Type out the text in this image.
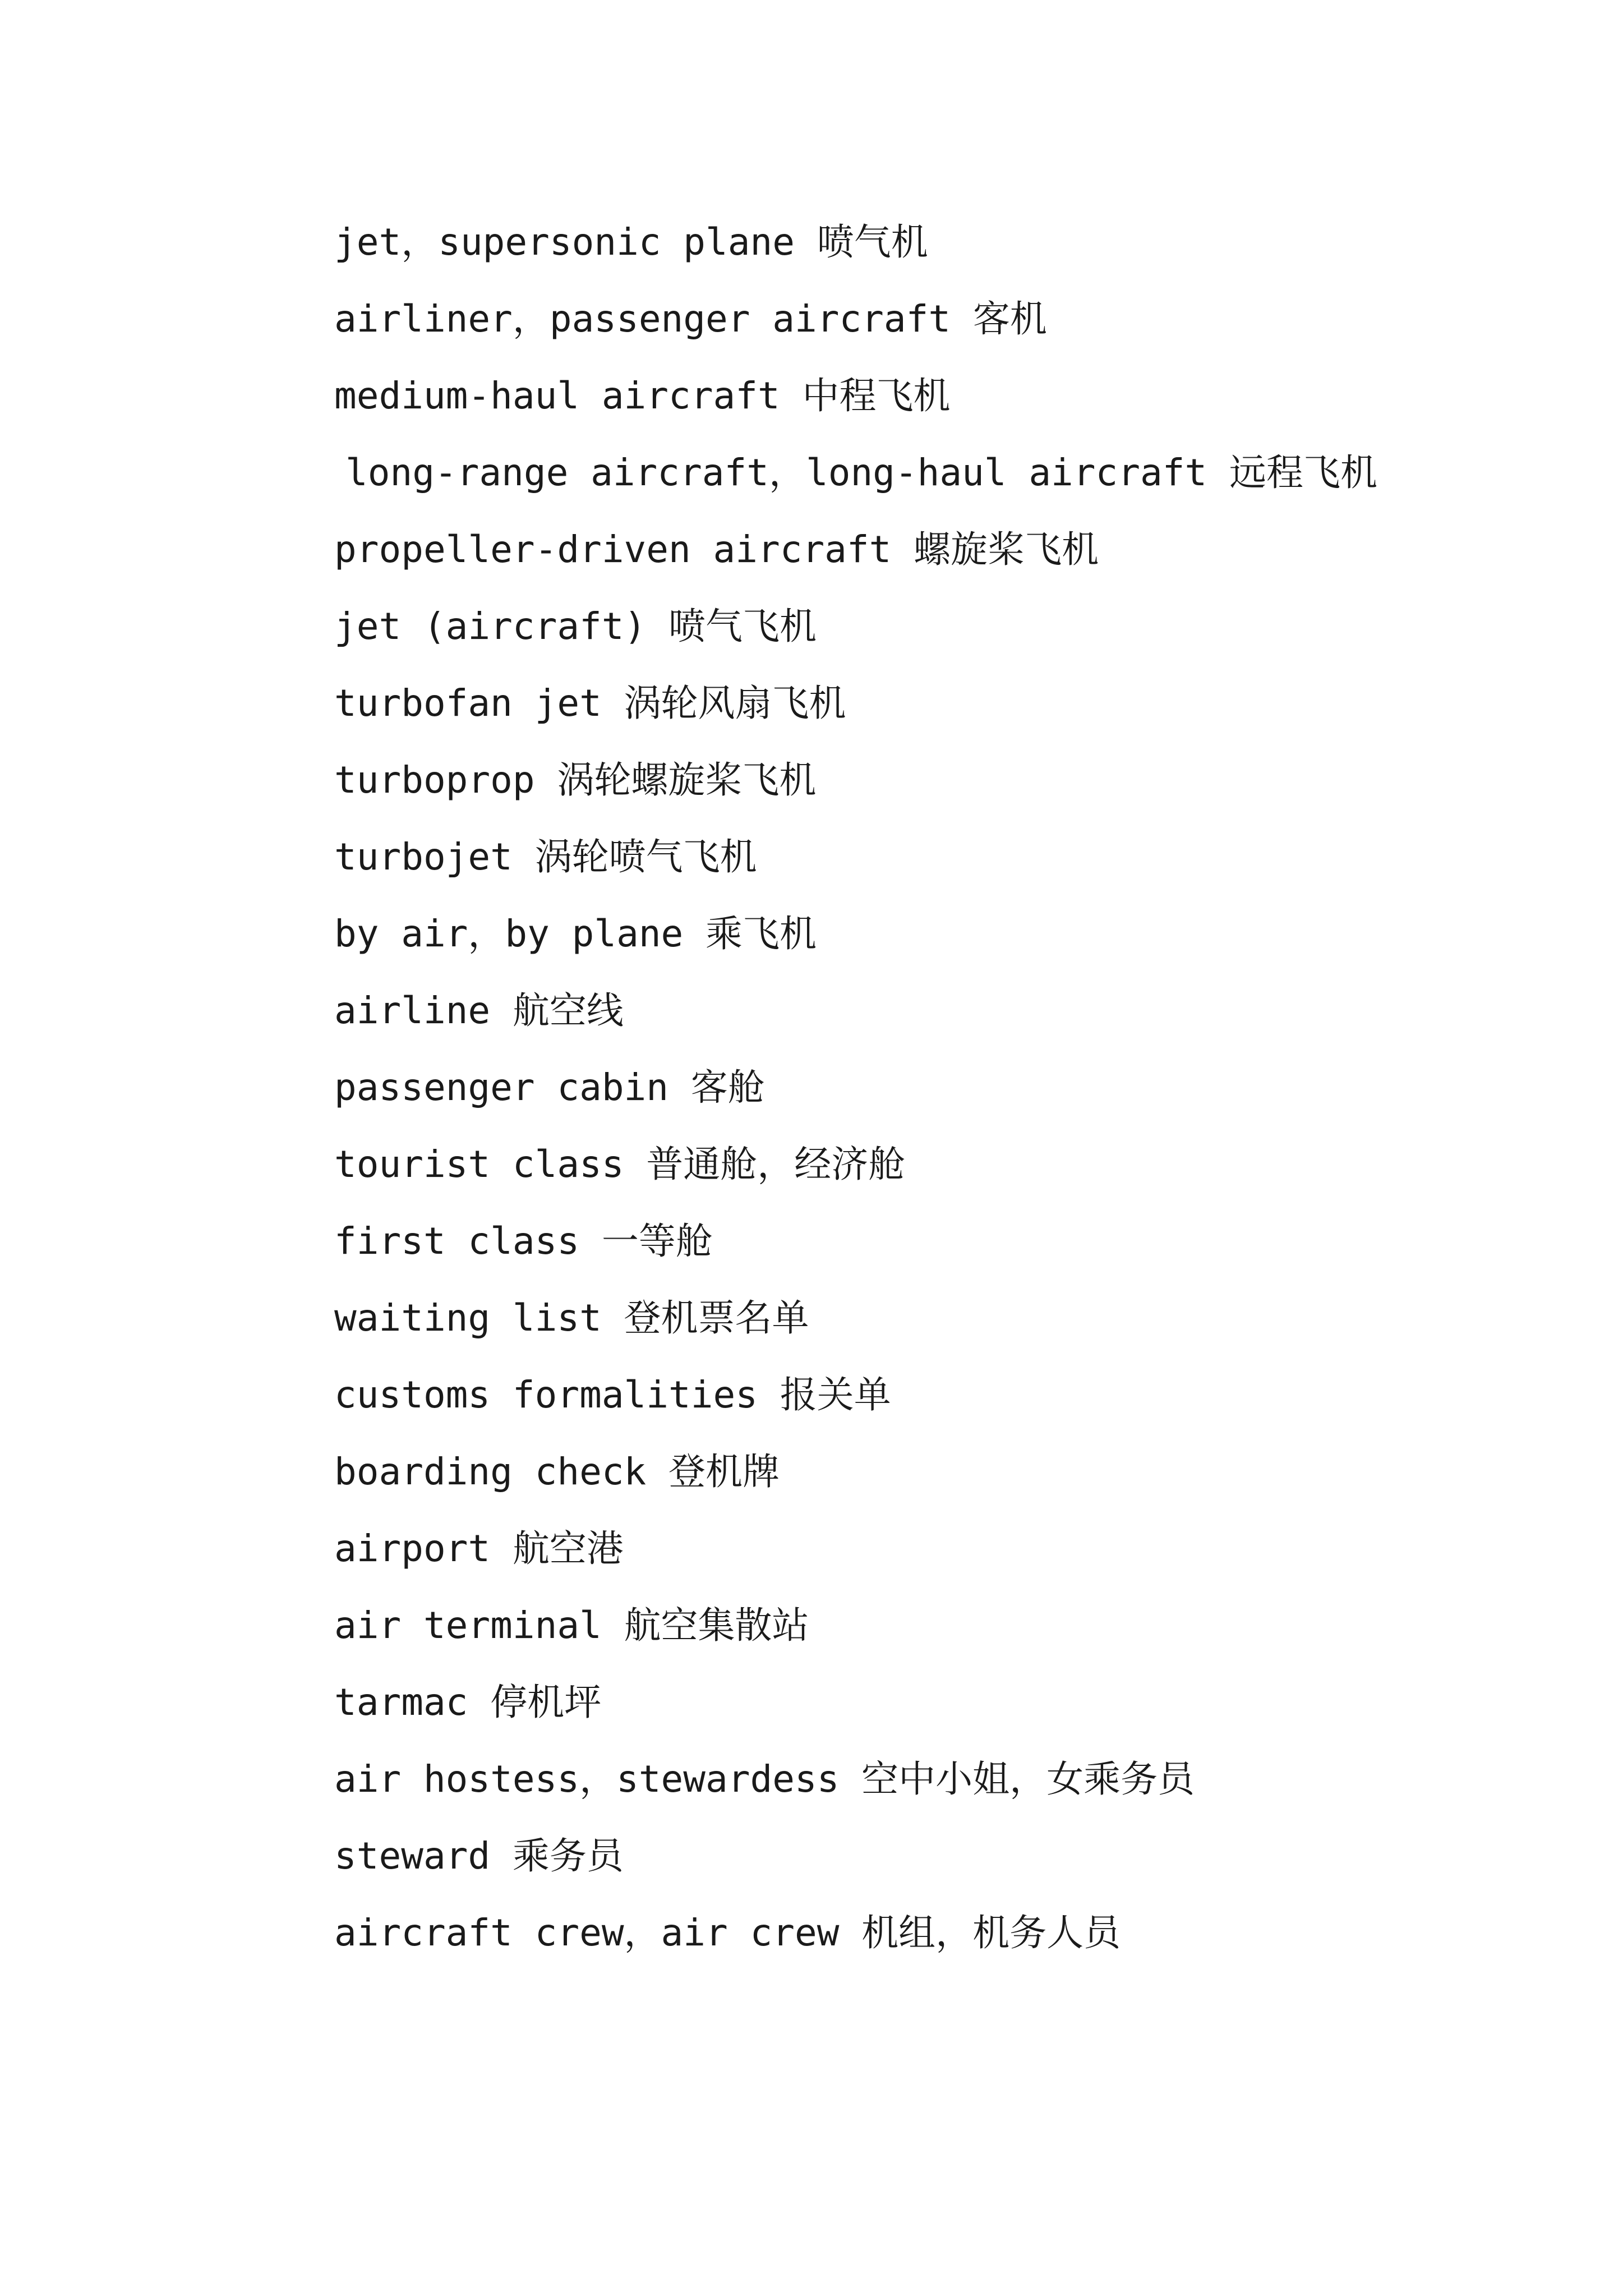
jet，supersonic plane 喷气机
airliner，passenger aircraft 客机
medium-haul aircraft 中程飞机
long-range aircraft，long-haul aircraft 远程飞机
propeller-driven aircraft 螺旋桨飞机
jet (aircraft) 喷气飞机
turbofan jet 涡轮风扇飞机
turboprop 涡轮螺旋桨飞机
turbojet 涡轮喷气飞机
by air，by plane 乘飞机
airline 航空线
passenger cabin 客舱
tourist class 普通舱，经济舱
first class 一等舱
waiting list 登机票名单
customs formalities 报关单
boarding check 登机牌
airport 航空港
air terminal 航空集散站
tarmac 停机坪
air hostess，stewardess 空中小姐，女乘务员
steward 乘务员
aircraft crew，air crew 机组，机务人员
